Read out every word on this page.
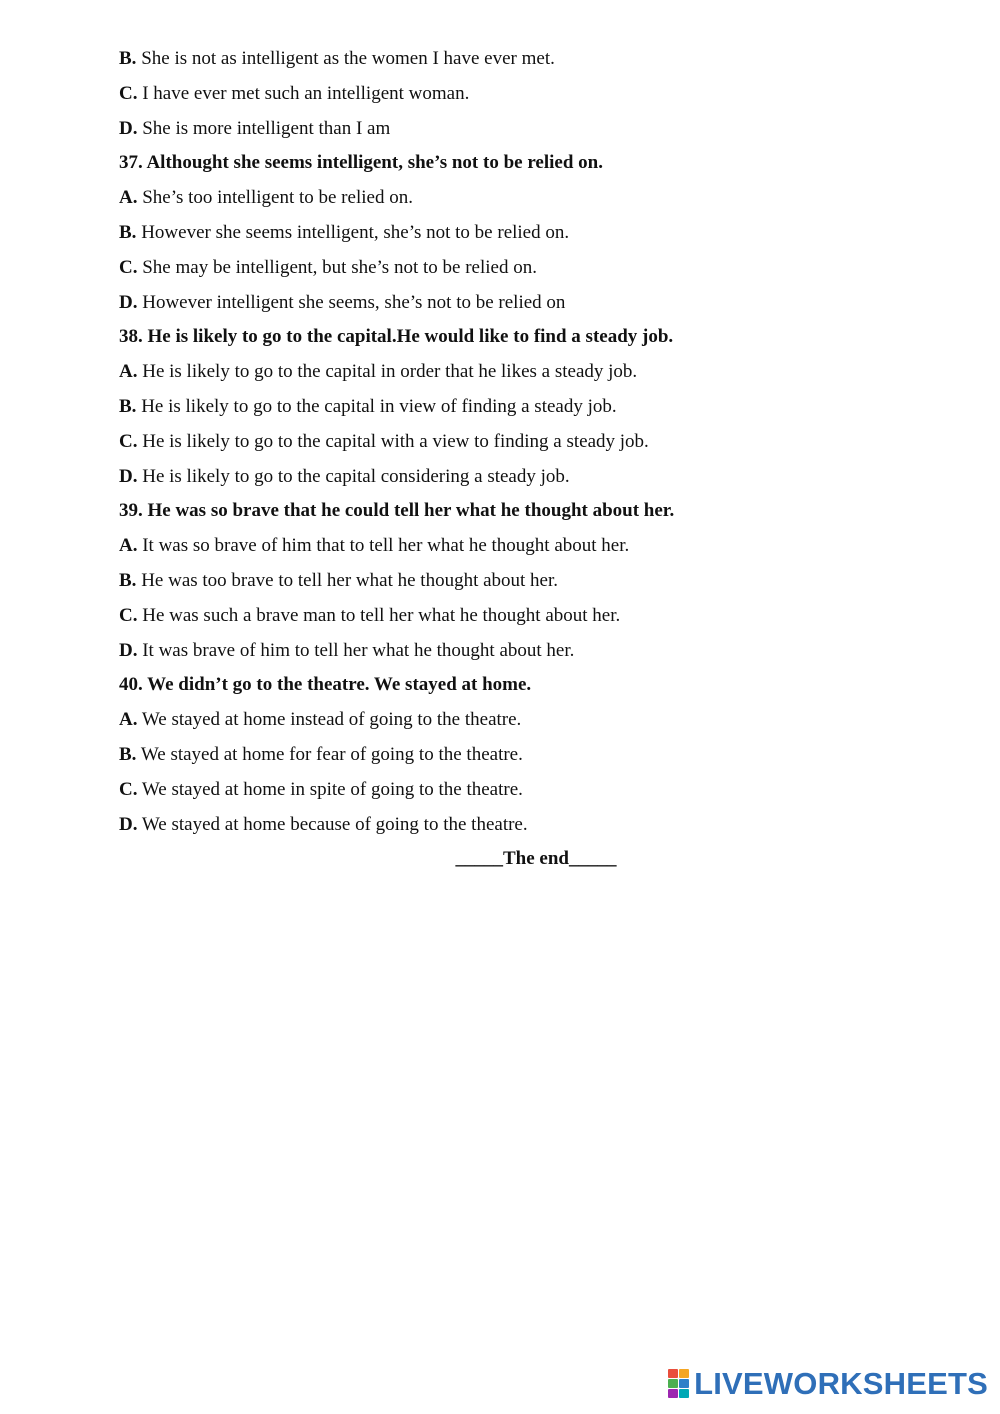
B. She is not as intelligent as the women I have ever met.
C. I have ever met such an intelligent woman.
D. She is more intelligent than I am
37. Althought she seems intelligent, she’s not to be relied on.
A. She’s too intelligent to be relied on.
B. However she seems intelligent, she’s not to be relied on.
C. She may be intelligent, but she’s not to be relied on.
D. However intelligent she seems, she’s not to be relied on
38. He is likely to go to the capital.He would like to find a steady job.
A. He is likely to go to the capital in order that he likes a steady job.
B. He is likely to go to the capital in view of finding a steady job.
C. He is likely to go to the capital with a view to finding a steady job.
D. He is likely to go to the capital considering a steady job.
39. He was so brave that he could tell her what he thought about her.
A. It was so brave of him that to tell her what he thought about her.
B. He was too brave to tell her what he thought about her.
C. He was such a brave man to tell her what he thought about her.
D. It was brave of him to tell her what he thought about her.
40. We didn’t go to the theatre. We stayed at home.
A. We stayed at home instead of going to the theatre.
B. We stayed at home for fear of going to the theatre.
C. We stayed at home in spite of going to the theatre.
D. We stayed at home because of going to the theatre.
_____The end_____
LIVEWORKSHEETS
